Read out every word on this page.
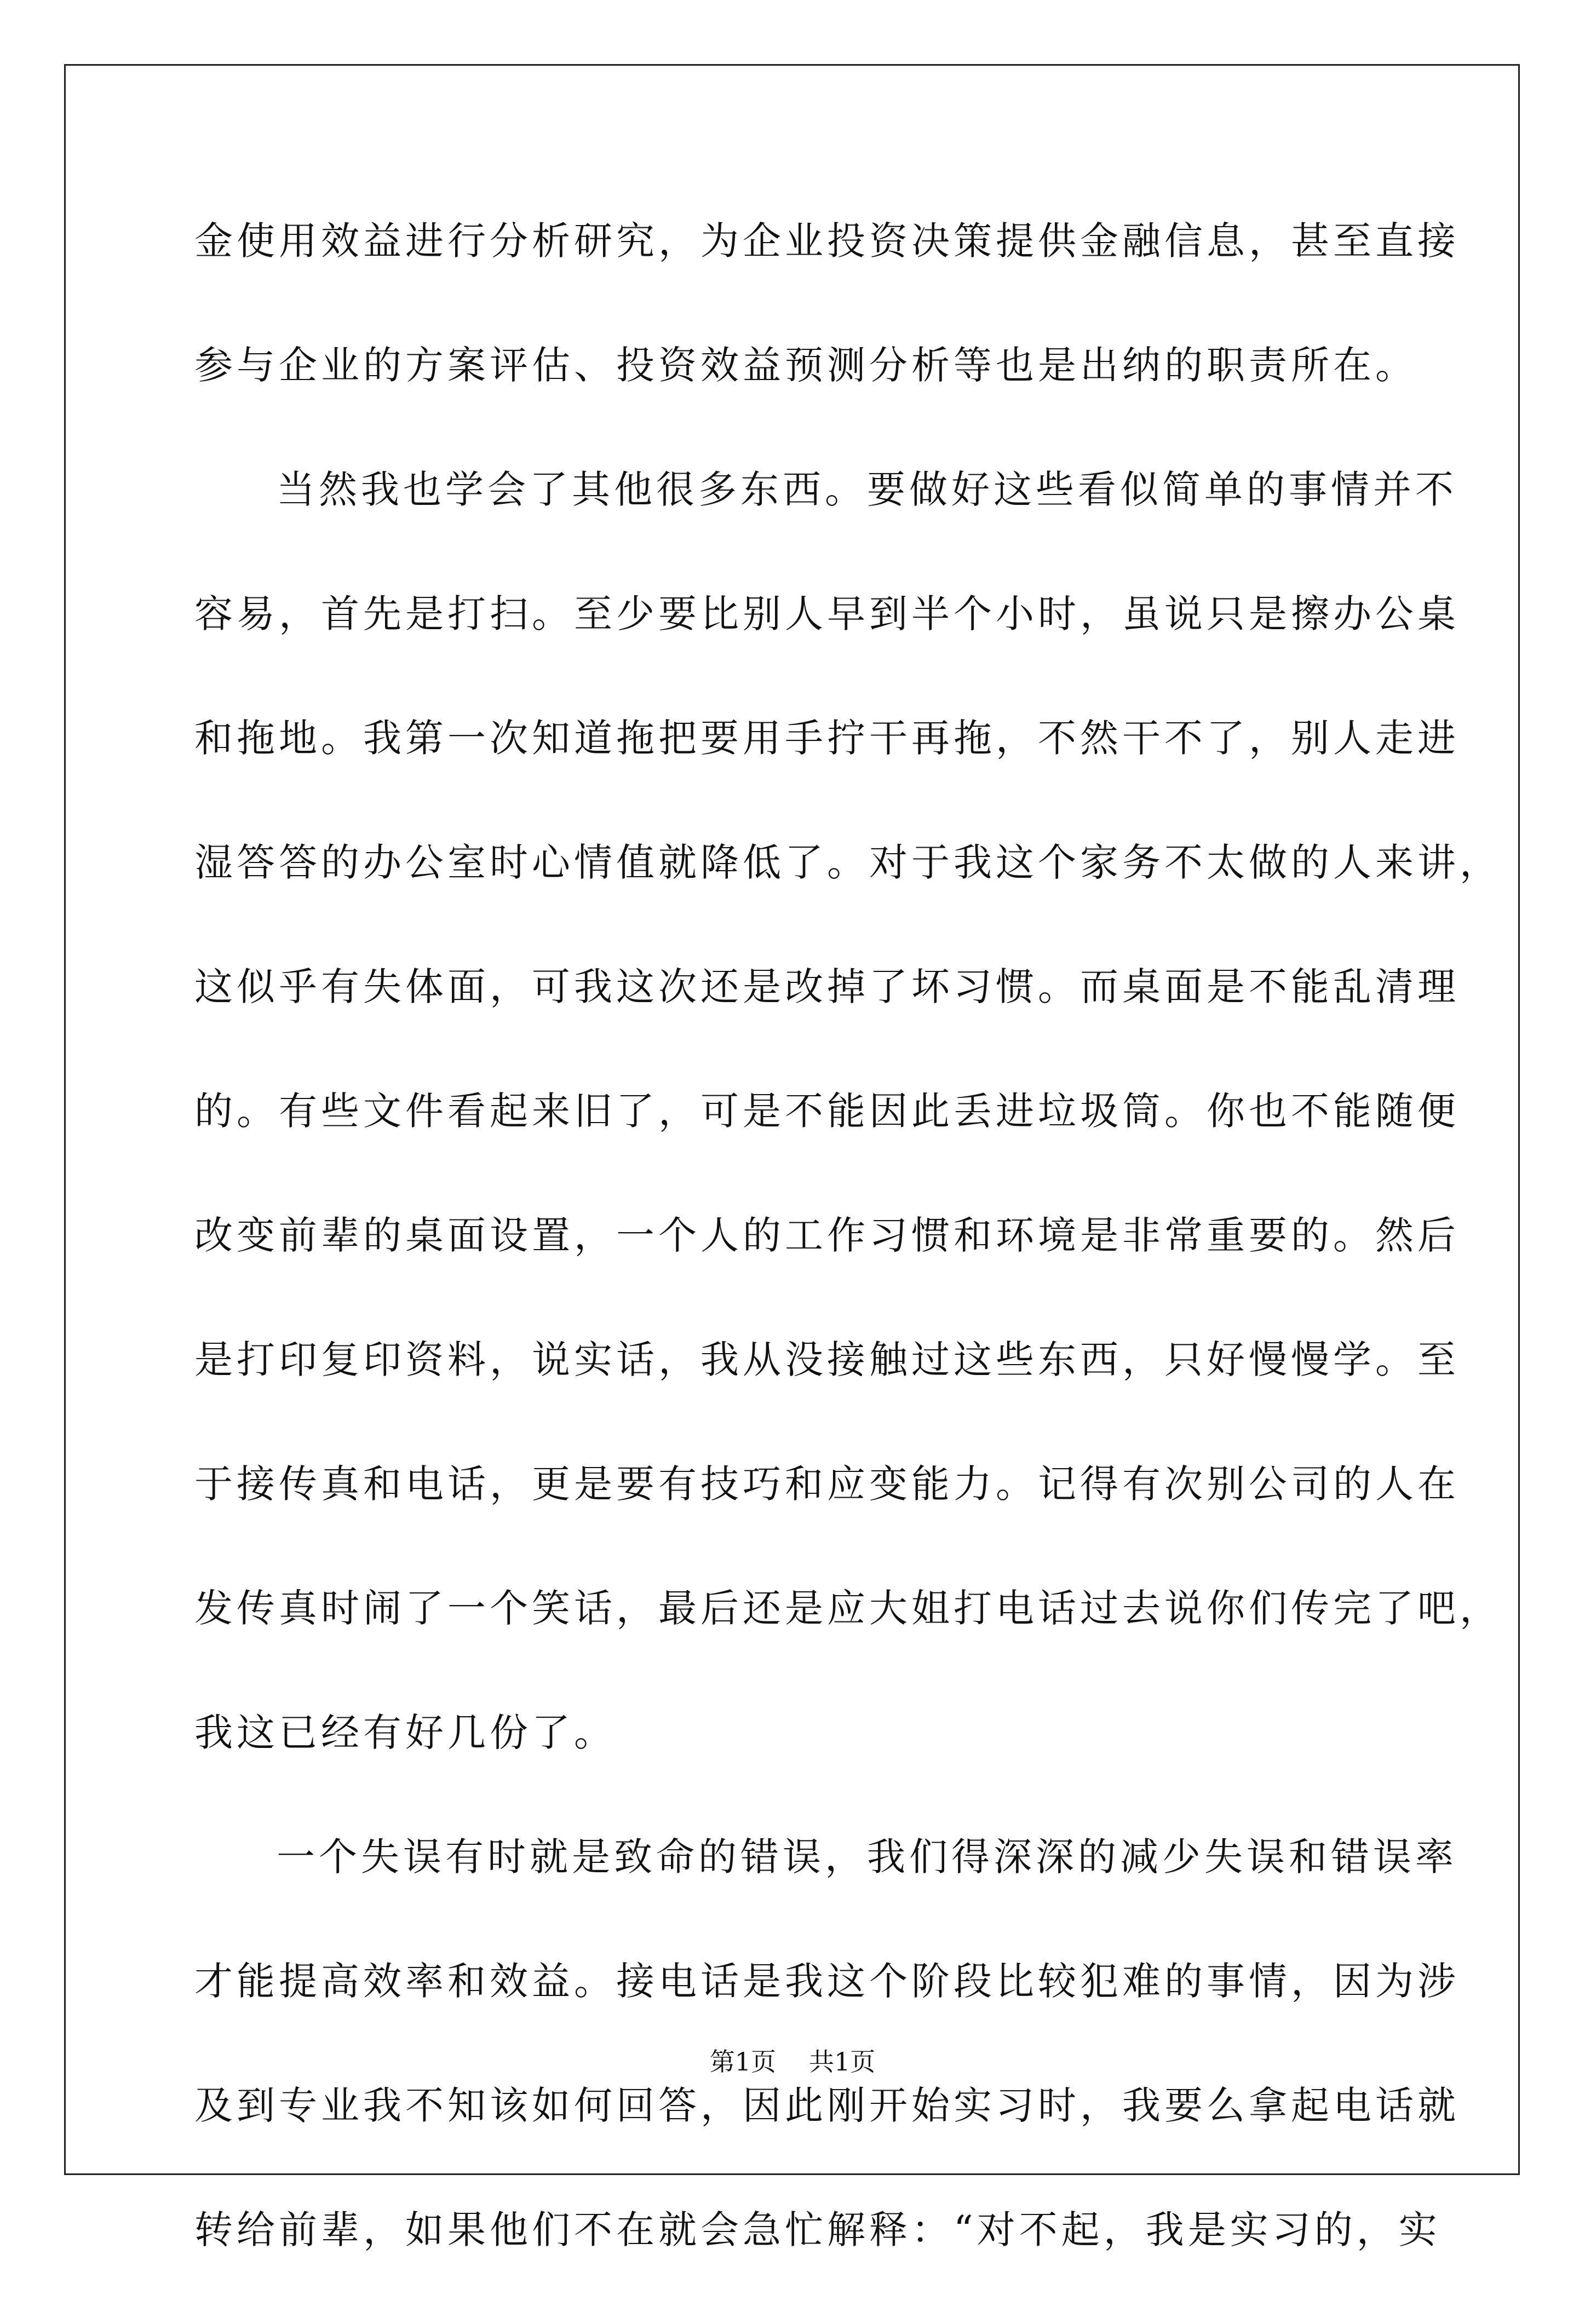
金使用效益进行分析研究，为企业投资决策提供金融信息，甚至直接
参与企业的方案评估、投资效益预测分析等也是出纳的职责所在。
当然我也学会了其他很多东西。要做好这些看似简单的事情并不
容易，首先是打扫。至少要比别人早到半个小时，虽说只是擦办公桌
和拖地。我第一次知道拖把要用手拧干再拖，不然干不了，别人走进
湿答答的办公室时心情值就降低了。对于我这个家务不太做的人来讲，
这似乎有失体面，可我这次还是改掉了坏习惯。而桌面是不能乱清理
的。有些文件看起来旧了，可是不能因此丢进垃圾筒。你也不能随便
改变前辈的桌面设置，一个人的工作习惯和环境是非常重要的。然后
是打印复印资料，说实话，我从没接触过这些东西，只好慢慢学。至
于接传真和电话，更是要有技巧和应变能力。记得有次别公司的人在
发传真时闹了一个笑话，最后还是应大姐打电话过去说你们传完了吧，
我这已经有好几份了。
一个失误有时就是致命的错误，我们得深深的减少失误和错误率
才能提高效率和效益。接电话是我这个阶段比较犯难的事情，因为涉
及到专业我不知该如何回答，因此刚开始实习时，我要么拿起电话就
转给前辈，如果他们不在就会急忙解释：“对不起，我是实习的，实
第1页 共1页
